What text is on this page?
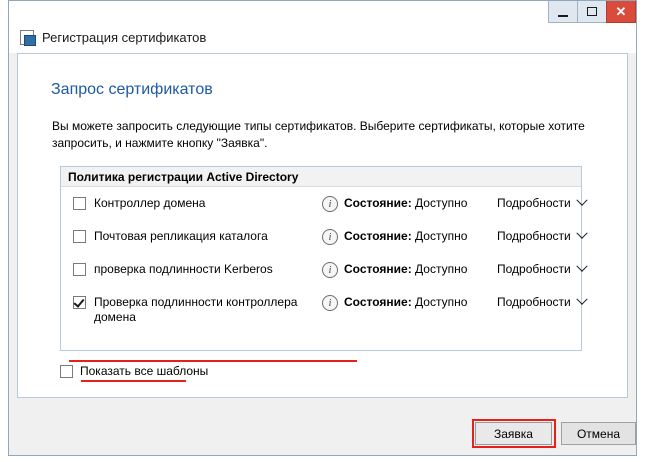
✕
Регистрация сертификатов
Запрос сертификатов
Вы можете запросить следующие типы сертификатов. Выберите сертификаты, которые хотите запросить, и нажмите кнопку "Заявка".
Политика регистрации Active Directory
Контроллер домена	i	Состояние: Доступно Подробности
Почтовая репликация каталога	i	Состояние: Доступно Подробности
проверка подлинности Kerberos	i	Состояние: Доступно Подробности
Проверка подлинности контроллера домена
i	Состояние: Доступно Подробности
Показать все шаблоны
Заявка	Отмена
